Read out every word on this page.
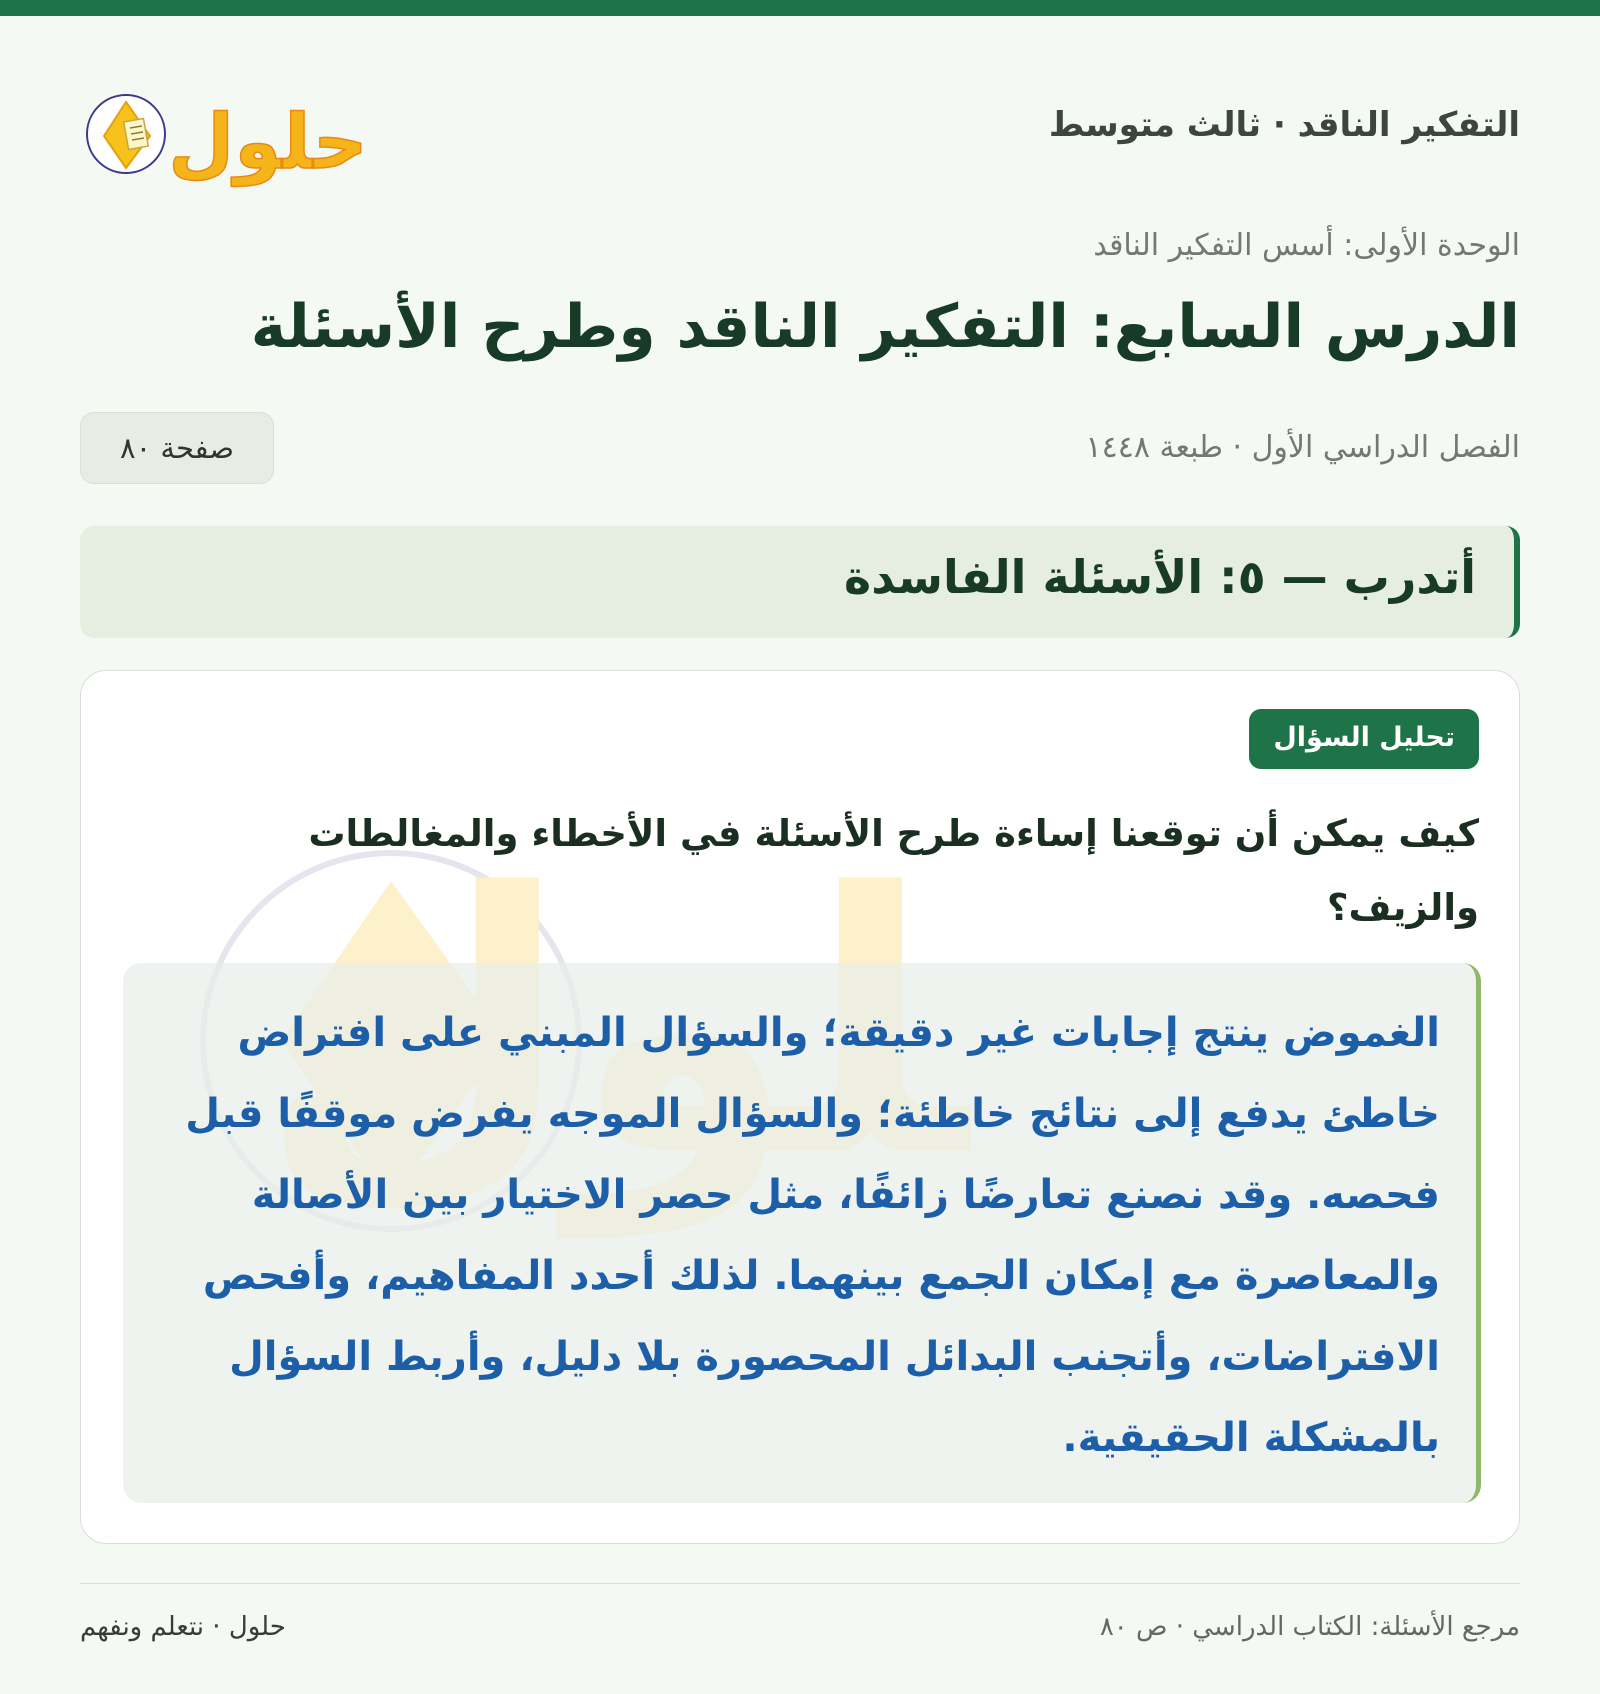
التفكير الناقد · ثالث متوسط
حلول
الوحدة الأولى: أسس التفكير الناقد
الدرس السابع: التفكير الناقد وطرح الأسئلة
الفصل الدراسي الأول · طبعة ١٤٤٨
صفحة ٨٠
أتدرب — ٥: الأسئلة الفاسدة
تحليل السؤال

كيف يمكن أن توقعنا إساءة طرح الأسئلة في الأخطاء والمغالطات والزيف؟

الغموض ينتج إجابات غير دقيقة؛ والسؤال المبني على افتراض خاطئ يدفع إلى نتائج خاطئة؛ والسؤال الموجه يفرض موقفًا قبل فحصه. وقد نصنع تعارضًا زائفًا، مثل حصر الاختيار بين الأصالة والمعاصرة مع إمكان الجمع بينهما. لذلك أحدد المفاهيم، وأفحص الافتراضات، وأتجنب البدائل المحصورة بلا دليل، وأربط السؤال بالمشكلة الحقيقية.

مرجع الأسئلة: الكتاب الدراسي · ص ٨٠
حلول · نتعلم ونفهم
